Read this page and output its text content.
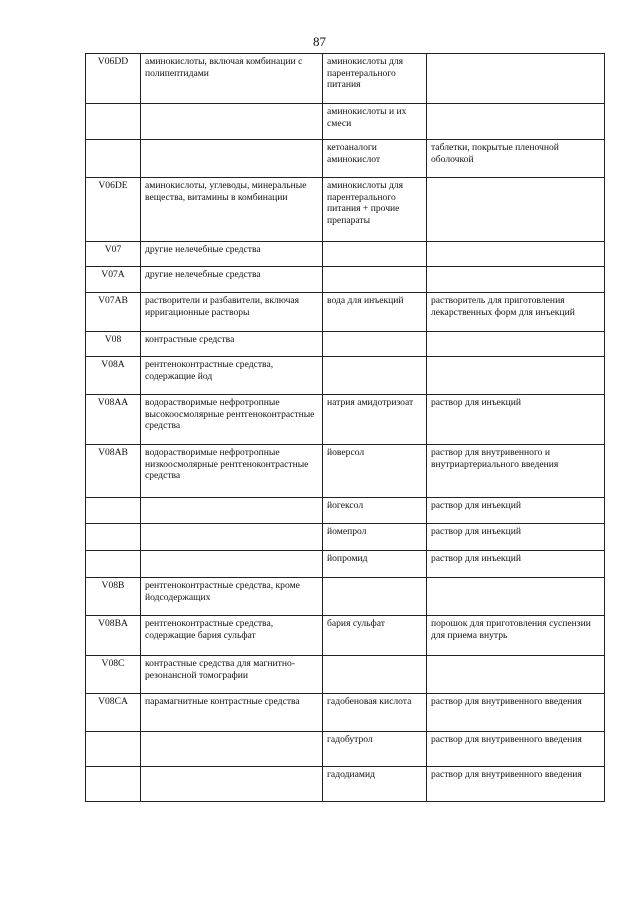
87
V06DD	аминокислоты, включая комбинации с полипептидами	аминокислоты для парентерального питания	
		аминокислоты и их смеси	
		кетоаналоги аминокислот	таблетки, покрытые пленочной оболочкой
V06DE	аминокислоты, углеводы, минеральные вещества, витамины в комбинации	аминокислоты для парентерального питания + прочие препараты	
V07	другие нелечебные средства		
V07A	другие нелечебные средства		
V07AB	растворители и разбавители, включая ирригационные растворы	вода для инъекций	растворитель для приготовления лекарственных форм для инъекций
V08	контрастные средства		
V08A	рентгеноконтрастные средства, содержащие йод		
V08AA	водорастворимые нефротропные высокоосмолярные рентгеноконтрастные средства	натрия амидотризоат	раствор для инъекций
V08AB	водорастворимые нефротропные низкоосмолярные рентгеноконтрастные средства	йоверсол	раствор для внутривенного и внутриартериального введения
		йогексол	раствор для инъекций
		йомепрол	раствор для инъекций
		йопромид	раствор для инъекций
V08B	рентгеноконтрастные средства, кроме йодсодержащих		
V08BA	рентгеноконтрастные средства, содержащие бария сульфат	бария сульфат	порошок для приготовления суспензии для приема внутрь
V08C	контрастные средства для магнитно-резонансной томографии		
V08CA	парамагнитные контрастные средства	гадобеновая кислота	раствор для внутривенного введения
		гадобутрол	раствор для внутривенного введения
		гадодиамид	раствор для внутривенного введения
